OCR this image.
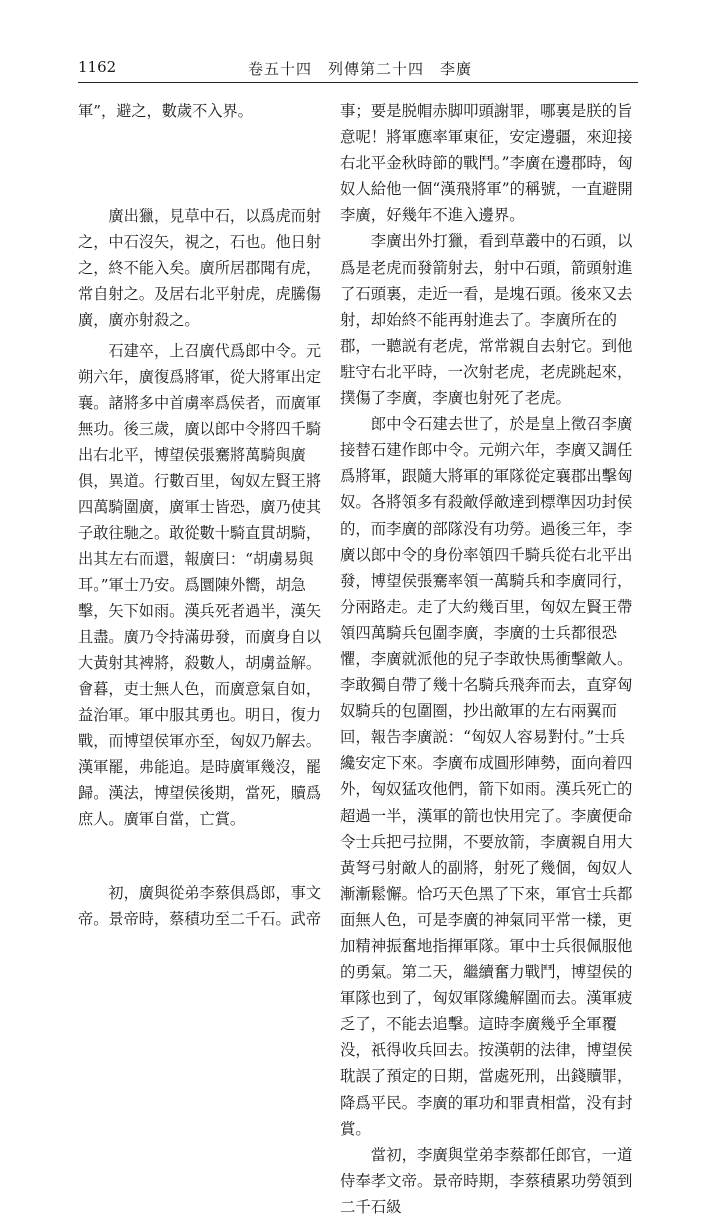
1162	卷五十四　列傳第二十四　李廣

軍”，避之，數歲不入界。

廣出獵，見草中石，以爲虎而射之，中石沒矢，視之，石也。他日射之，終不能入矣。廣所居郡聞有虎，常自射之。及居右北平射虎，虎騰傷廣，廣亦射殺之。

石建卒，上召廣代爲郎中令。元朔六年，廣復爲將軍，從大將軍出定襄。諸將多中首虜率爲侯者，而廣軍無功。後三歲，廣以郎中令將四千騎出右北平，博望侯張騫將萬騎與廣俱，異道。行數百里，匈奴左賢王將四萬騎圍廣，廣軍士皆恐，廣乃使其子敢往馳之。敢從數十騎直貫胡騎，出其左右而還，報廣曰：“胡虜易與耳。”軍士乃安。爲圜陳外嚮，胡急擊，矢下如雨。漢兵死者過半，漢矢且盡。廣乃令持滿毋發，而廣身自以大黃射其裨將，殺數人，胡虜益解。會暮，吏士無人色，而廣意氣自如，益治軍。軍中服其勇也。明日，復力戰，而博望侯軍亦至，匈奴乃解去。漢軍罷，弗能追。是時廣軍幾沒，罷歸。漢法，博望侯後期，當死，贖爲庶人。廣軍自當，亡賞。

初，廣與從弟李蔡俱爲郎，事文帝。景帝時，蔡積功至二千石。武帝

事；要是脱帽赤脚叩頭謝罪，哪裏是朕的旨意呢！將軍應率軍東征，安定邊疆，來迎接右北平金秋時節的戰鬥。”李廣在邊郡時，匈奴人給他一個“漢飛將軍”的稱號，一直避開李廣，好幾年不進入邊界。

李廣出外打獵，看到草叢中的石頭，以爲是老虎而發箭射去，射中石頭，箭頭射進了石頭裏，走近一看，是塊石頭。後來又去射，却始終不能再射進去了。李廣所在的郡，一聽説有老虎，常常親自去射它。到他駐守右北平時，一次射老虎，老虎跳起來，撲傷了李廣，李廣也射死了老虎。

郎中令石建去世了，於是皇上徵召李廣接替石建作郎中令。元朔六年，李廣又調任爲將軍，跟隨大將軍的軍隊從定襄郡出擊匈奴。各將領多有殺敵俘敵達到標準因功封侯的，而李廣的部隊没有功勞。過後三年，李廣以郎中令的身份率領四千騎兵從右北平出發，博望侯張騫率領一萬騎兵和李廣同行，分兩路走。走了大約幾百里，匈奴左賢王帶領四萬騎兵包圍李廣，李廣的士兵都很恐懼，李廣就派他的兒子李敢快馬衝擊敵人。李敢獨自帶了幾十名騎兵飛奔而去，直穿匈奴騎兵的包圍圈，抄出敵軍的左右兩翼而回，報告李廣説：“匈奴人容易對付。”士兵纔安定下來。李廣布成圓形陣勢，面向着四外，匈奴猛攻他們，箭下如雨。漢兵死亡的超過一半，漢軍的箭也快用完了。李廣便命令士兵把弓拉開，不要放箭，李廣親自用大黃弩弓射敵人的副將，射死了幾個，匈奴人漸漸鬆懈。恰巧天色黑了下來，軍官士兵都面無人色，可是李廣的神氣同平常一樣，更加精神振奮地指揮軍隊。軍中士兵很佩服他的勇氣。第二天，繼續奮力戰鬥，博望侯的軍隊也到了，匈奴軍隊纔解圍而去。漢軍疲乏了，不能去追擊。這時李廣幾乎全軍覆没，祇得收兵回去。按漢朝的法律，博望侯耽誤了預定的日期，當處死刑，出錢贖罪，降爲平民。李廣的軍功和罪責相當，没有封賞。

當初，李廣與堂弟李蔡都任郎官，一道侍奉孝文帝。景帝時期，李蔡積累功勞領到二千石級
